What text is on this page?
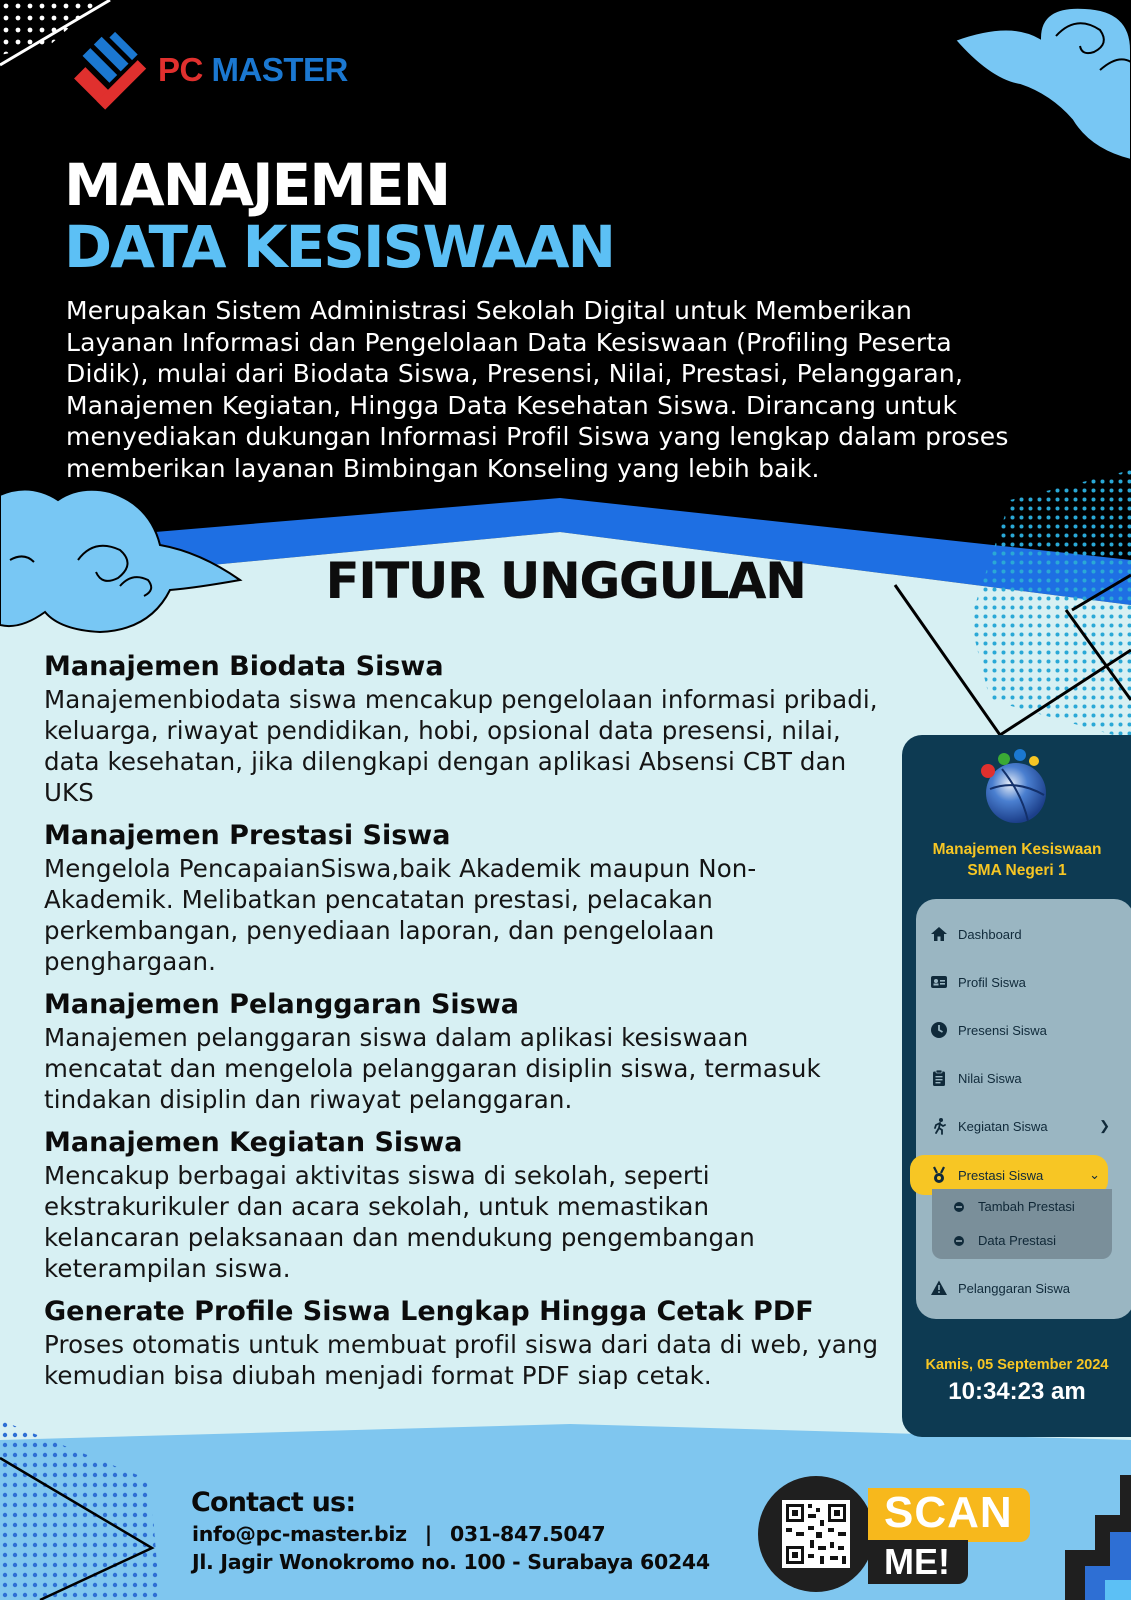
PC MASTER
MANAJEMEN
DATA KESISWAAN
Merupakan Sistem Administrasi Sekolah Digital untuk Memberikan Layanan Informasi dan Pengelolaan Data Kesiswaan (Profiling Peserta Didik), mulai dari Biodata Siswa, Presensi, Nilai, Prestasi, Pelanggaran, Manajemen Kegiatan, Hingga Data Kesehatan Siswa. Dirancang untuk menyediakan dukungan Informasi Profil Siswa yang lengkap dalam proses memberikan layanan Bimbingan Konseling yang lebih baik.
FITUR UNGGULAN
Manajemen Biodata Siswa
Manajemenbiodata siswa mencakup pengelolaan informasi pribadi, keluarga, riwayat pendidikan, hobi, opsional data presensi, nilai, data kesehatan, jika dilengkapi dengan aplikasi Absensi CBT dan UKS
Manajemen Prestasi Siswa
Mengelola PencapaianSiswa,baik Akademik maupun Non-Akademik. Melibatkan pencatatan prestasi, pelacakan perkembangan, penyediaan laporan, dan pengelolaan penghargaan.
Manajemen Pelanggaran Siswa
Manajemen pelanggaran siswa dalam aplikasi kesiswaan mencatat dan mengelola pelanggaran disiplin siswa, termasuk tindakan disiplin dan riwayat pelanggaran.
Manajemen Kegiatan Siswa
Mencakup berbagai aktivitas siswa di sekolah, seperti ekstrakurikuler dan acara sekolah, untuk memastikan kelancaran pelaksanaan dan mendukung pengembangan keterampilan siswa.
Generate Profile Siswa Lengkap Hingga Cetak PDF
Proses otomatis untuk membuat profil siswa dari data di web, yang kemudian bisa diubah menjadi format PDF siap cetak.
Manajemen Kesiswaan
SMA Negeri 1
Dashboard
Profil Siswa
Presensi Siswa
Nilai Siswa
Kegiatan Siswa	❯
Prestasi Siswa	⌄
Tambah Prestasi
Data Prestasi
Pelanggaran Siswa
Kamis, 05 September 2024
10:34:23 am
Contact us:
info@pc-master.biz | 031-847.5047
Jl. Jagir Wonokromo no. 100 - Surabaya 60244
SCAN
ME!
